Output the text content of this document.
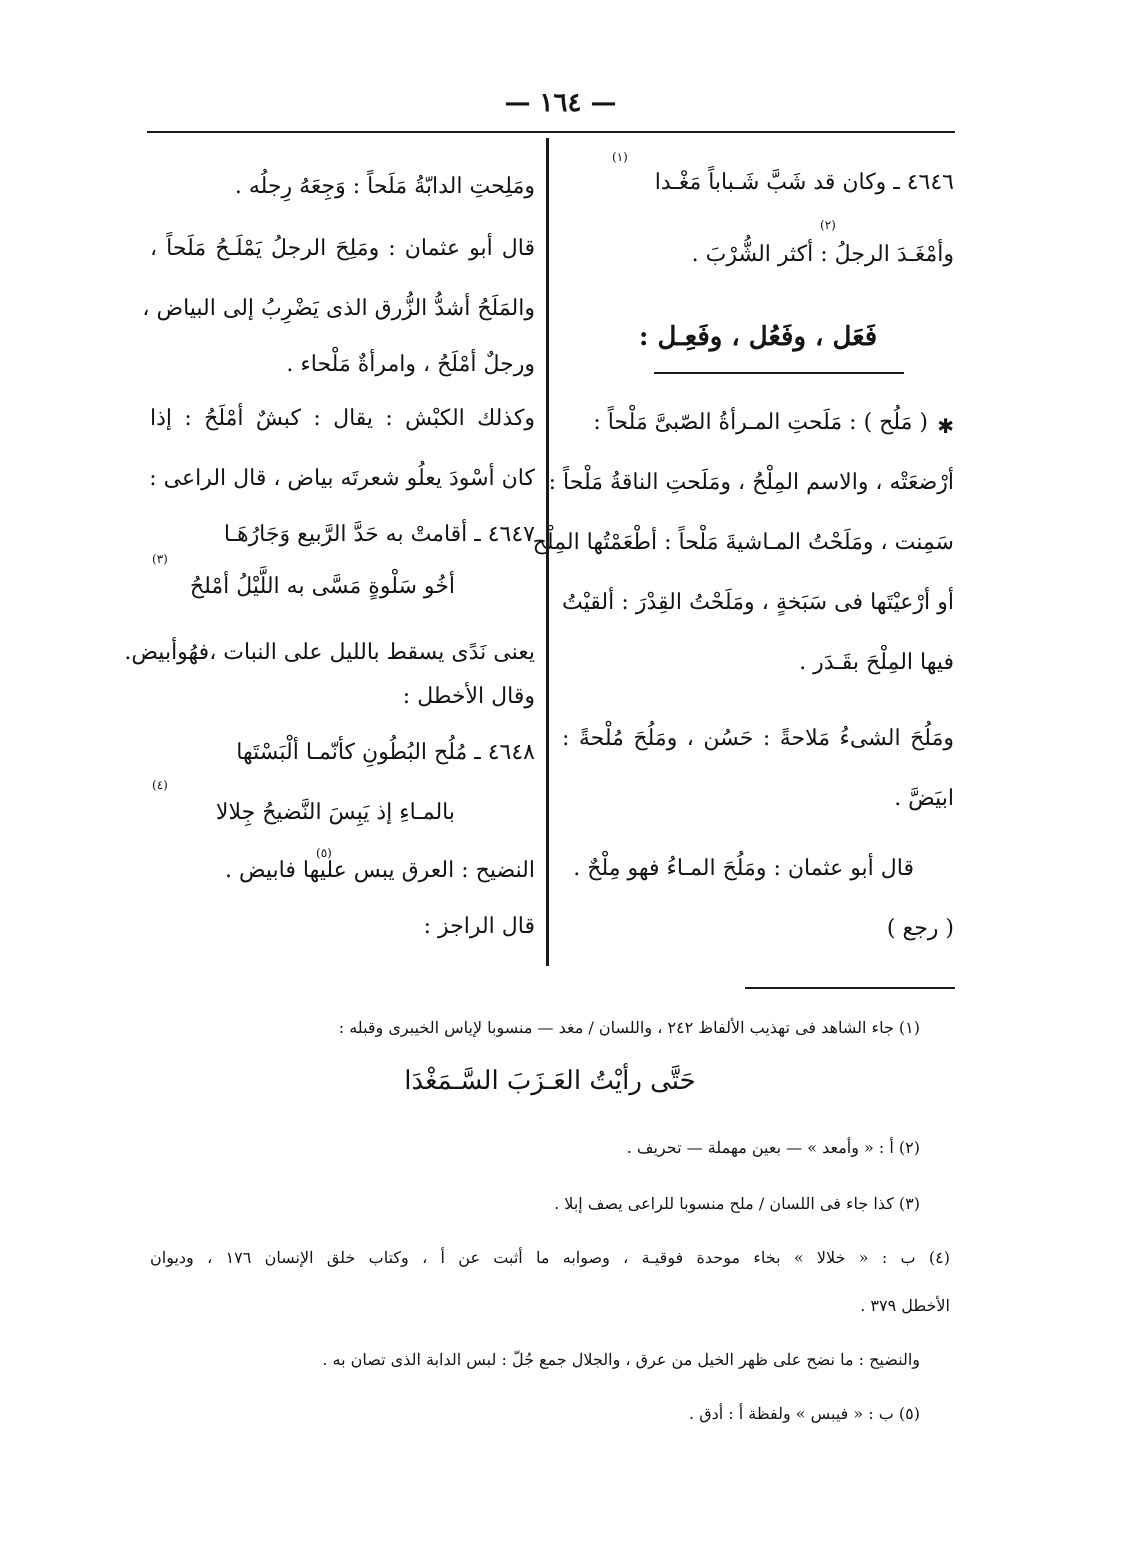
— ١٦٤ —
(١)
٤٦٤٦ ـ وكان قد شَبَّ شَـباباً مَغْـدا
(٢)
وأمْغَـدَ الرجلُ : أكثر الشُّرْبَ .
فَعَل ، وفَعُل ، وفَعِـل :
✱
( مَلُح ) : مَلَحتِ المـرأةُ الصّبىَّ مَلْحاً :
أرْضعَتْه ، والاسم المِلْحُ ، ومَلَحتِ الناقةُ مَلْحاً :
سَمِنت ، ومَلَحْتُ المـاشيةَ مَلْحاً : أطْعَمْتُها المِلْح
أو أرْعيْتَها فى سَبَخةٍ ، ومَلَحْتُ القِدْرَ : ألقيْتُ
فيها المِلْحَ بقَـدَر .
ومَلُحَ الشىءُ مَلاحةً : حَسُن ، ومَلُحَ مُلْحةً :
ابيَضَّ .
قال أبو عثمان : ومَلُحَ المـاءُ فهو مِلْحٌ .
( رجع )
ومَلِحتِ الدابّةُ مَلَحاً : وَجِعَهُ رِجلُه .
قال أبو عثمان : ومَلِحَ الرجلُ يَمْلَـحُ مَلَحاً ،
والمَلَحُ أشدُّ الزُّرق الذى يَضْرِبُ إلى البياض ،
ورجلٌ أمْلَحُ ، وامرأةٌ مَلْحاء .
وكذلك الكبْش : يقال : كبشٌ أمْلَحُ : إذا
كان أسْودَ يعلُو شعرتَه بياض ، قال الراعى :
٤٦٤٧ ـ أقامتْ به حَدَّ الرَّبيع وَجَارُهَـا
(٣)
أخُو سَلْوةٍ مَسَّى به اللَّيْلُ أمْلحُ
يعنى نَدًى يسقط بالليل على النبات ،فهُوأبيض.
وقال الأخطل :
٤٦٤٨ ـ مُلُح البُطُونِ كأنّمـا ألْبَسْتَها
(٤)
بالمـاءِ إذ يَبِسَ النَّضيحُ جِلالا
(٥)
النضيح : العرق يبس عليها فابيض .
قال الراجز :
(١) جاء الشاهد فى تهذيب الألفاظ ٢٤٢ ، واللسان / مغد — منسوبا لإياس الخيبرى وقبله :
حَتَّى رأيْتُ العَـزَبَ السَّـمَغْدَا
(٢) أ : « وأمعد » — بعين مهملة — تحريف .
(٣) كذا جاء فى اللسان / ملح منسوبا للراعى يصف إبلا .
(٤) ب : « خلالا » بخاء موحدة فوقيـة ، وصوابه ما أثبت عن أ ، وكتاب خلق الإنسان ١٧٦ ، وديوان
الأخطل ٣٧٩ .
والنضيح : ما نضح على ظهر الخيل من عرق ، والجلال جمع جُلّ : لبس الدابة الذى تصان به .
(٥) ب : « فيبس » ولفظة أ : أدق .
